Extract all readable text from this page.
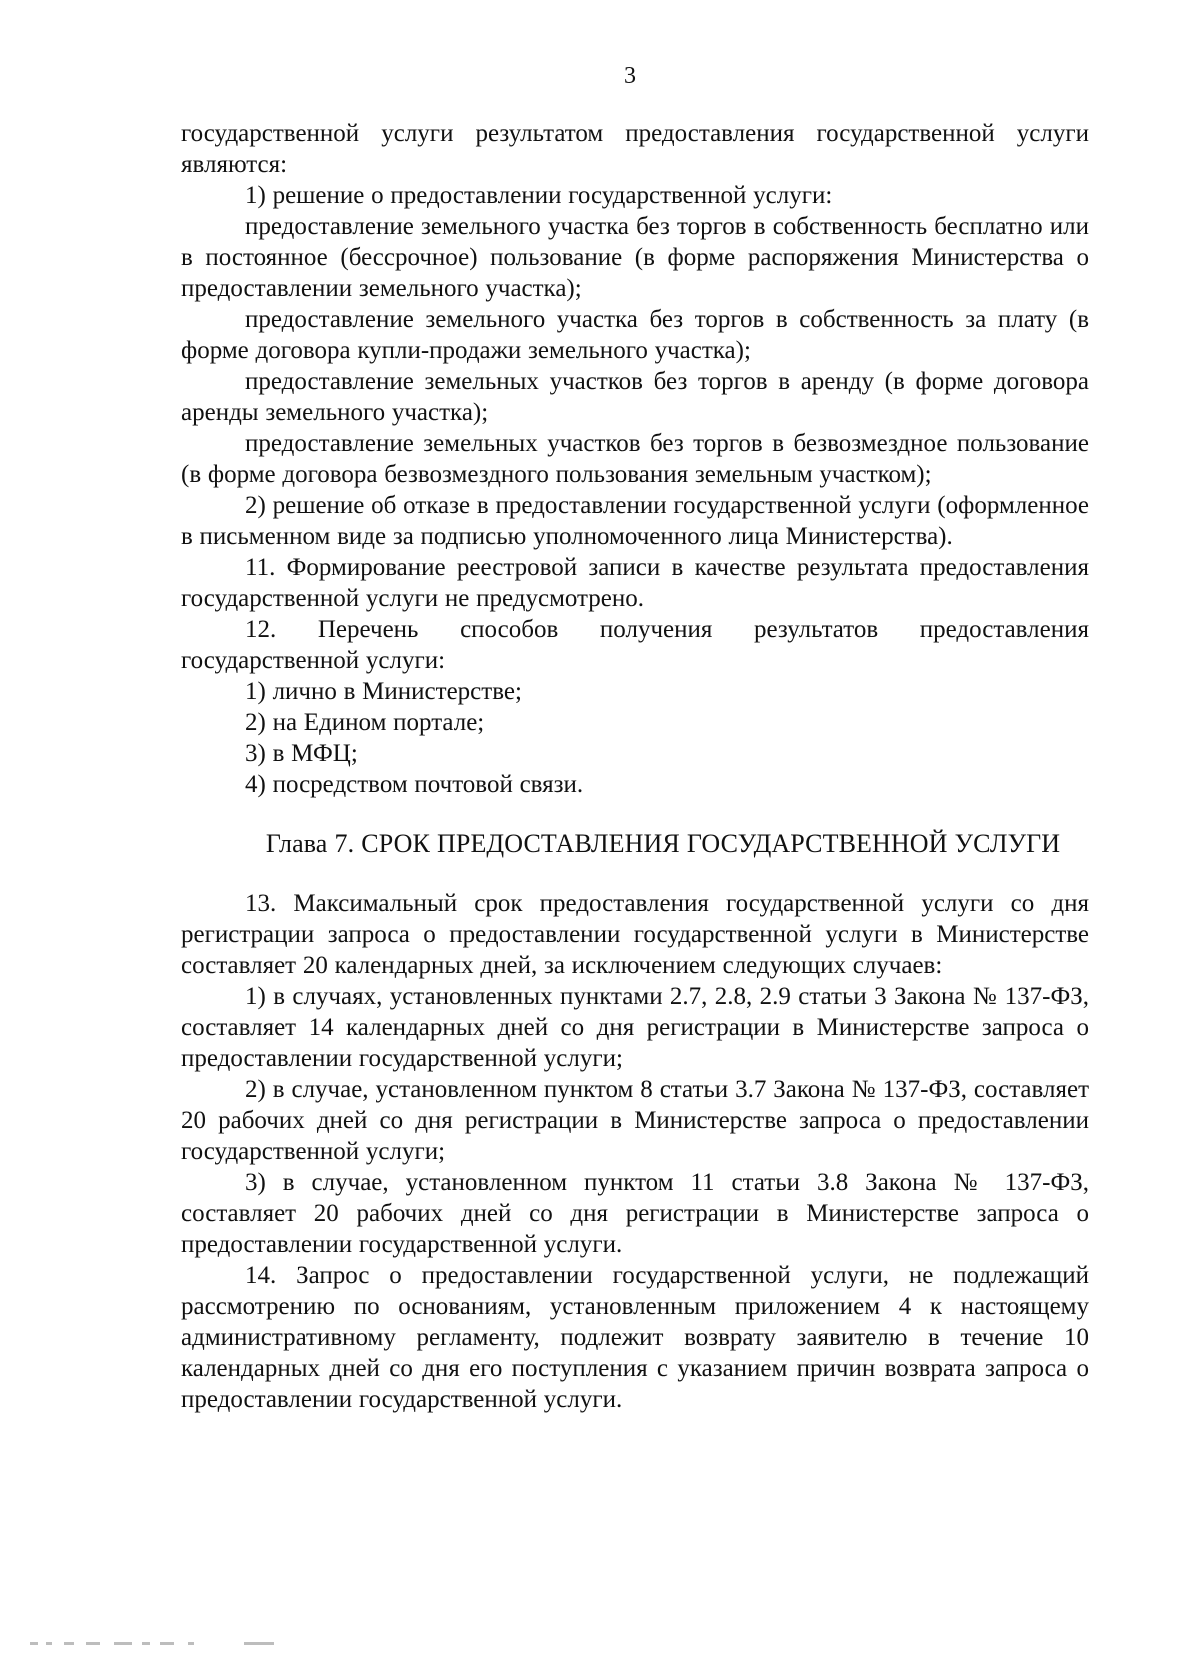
3

государственной услуги результатом предоставления государственной услуги являются:

1) решение о предоставлении государственной услуги:

предоставление земельного участка без торгов в собственность бесплатно или в постоянное (бессрочное) пользование (в форме распоряжения Министерства о предоставлении земельного участка);

предоставление земельного участка без торгов в собственность за плату (в форме договора купли-продажи земельного участка);

предоставление земельных участков без торгов в аренду (в форме договора аренды земельного участка);

предоставление земельных участков без торгов в безвозмездное пользование (в форме договора безвозмездного пользования земельным участком);

2) решение об отказе в предоставлении государственной услуги (оформленное в письменном виде за подписью уполномоченного лица Министерства).

11. Формирование реестровой записи в качестве результата предоставления государственной услуги не предусмотрено.

12. Перечень способов получения результатов предоставления государственной услуги:

1) лично в Министерстве;

2) на Едином портале;

3) в МФЦ;

4) посредством почтовой связи.

Глава 7. СРОК ПРЕДОСТАВЛЕНИЯ ГОСУДАРСТВЕННОЙ УСЛУГИ

13. Максимальный срок предоставления государственной услуги со дня регистрации запроса о предоставлении государственной услуги в Министерстве составляет 20 календарных дней, за исключением следующих случаев:

1) в случаях, установленных пунктами 2.7, 2.8, 2.9 статьи 3 Закона № 137-ФЗ, составляет 14 календарных дней со дня регистрации в Министерстве запроса о предоставлении государственной услуги;

2) в случае, установленном пунктом 8 статьи 3.7 Закона № 137-ФЗ, составляет 20 рабочих дней со дня регистрации в Министерстве запроса о предоставлении государственной услуги;

3) в случае, установленном пунктом 11 статьи 3.8 Закона № 137-ФЗ, составляет 20 рабочих дней со дня регистрации в Министерстве запроса о предоставлении государственной услуги.

14. Запрос о предоставлении государственной услуги, не подлежащий рассмотрению по основаниям, установленным приложением 4 к настоящему административному регламенту, подлежит возврату заявителю в течение 10 календарных дней со дня его поступления с указанием причин возврата запроса о предоставлении государственной услуги.
